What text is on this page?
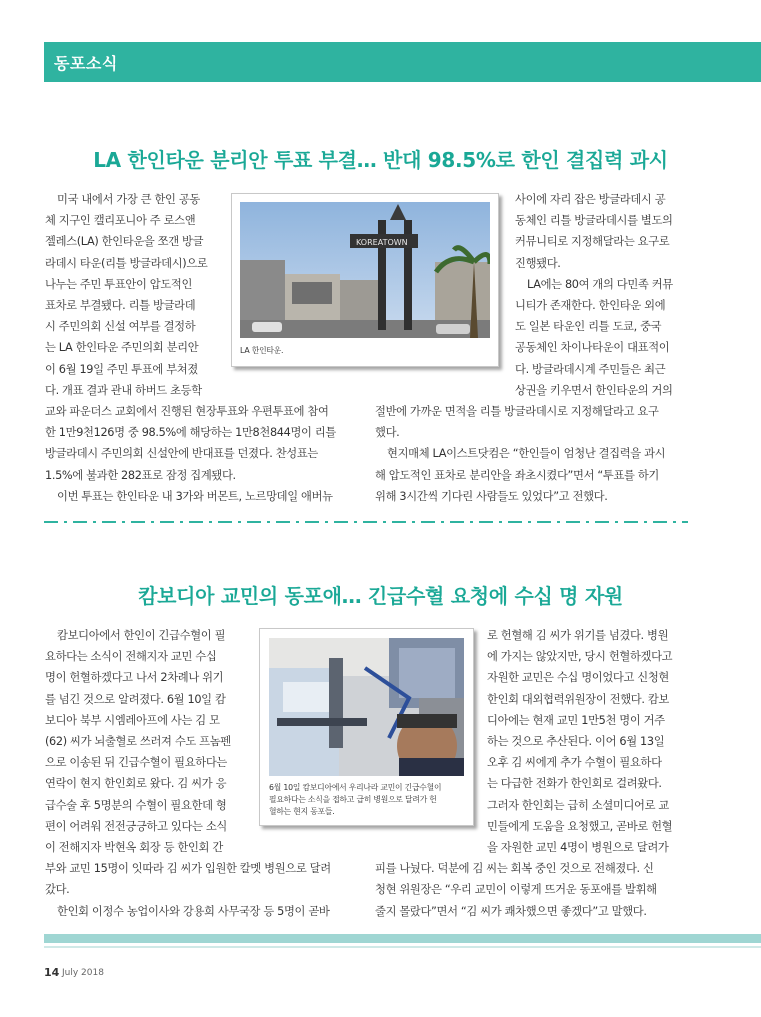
동포소식
LA 한인타운 분리안 투표 부결… 반대 98.5%로 한인 결집력 과시

미국 내에서 가장 큰 한인 공동

체 지구인 캘리포니아 주 로스앤

젤레스(LA) 한인타운을 쪼갠 방글

라데시 타운(리틀 방글라데시)으로

나누는 주민 투표안이 압도적인

표차로 부결됐다. 리틀 방글라데

시 주민의회 신설 여부를 결정하

는 LA 한인타운 주민의회 분리안

이 6월 19일 주민 투표에 부쳐졌

다. 개표 결과 관내 하버드 초등학

교와 파운더스 교회에서 진행된 현장투표와 우편투표에 참여

한 1만9천126명 중 98.5%에 해당하는 1만8천844명이 리틀

방글라데시 주민의회 신설안에 반대표를 던졌다. 찬성표는

1.5%에 불과한 282표로 잠정 집계됐다.

이번 투표는 한인타운 내 3가와 버몬트, 노르망데일 애버뉴

사이에 자리 잡은 방글라데시 공

동체인 리틀 방글라데시를 별도의

커뮤니티로 지정해달라는 요구로

진행됐다.

LA에는 80여 개의 다민족 커뮤

니티가 존재한다. 한인타운 외에

도 일본 타운인 리틀 도쿄, 중국

공동체인 차이나타운이 대표적이

다. 방글라데시계 주민들은 최근

상권을 키우면서 한인타운의 거의

절반에 가까운 면적을 리틀 방글라데시로 지정해달라고 요구

했다.

현지매체 LA이스트닷컴은 “한인들이 엄청난 결집력을 과시

해 압도적인 표차로 분리안을 좌초시켰다”면서 “투표를 하기

위해 3시간씩 기다린 사람들도 있었다”고 전했다.

KOREATOWN
LA 한인타운.
캄보디아 교민의 동포애… 긴급수혈 요청에 수십 명 자원

캄보디아에서 한인이 긴급수혈이 필

요하다는 소식이 전해지자 교민 수십

명이 헌혈하겠다고 나서 2차례나 위기

를 넘긴 것으로 알려졌다. 6월 10일 캄

보디아 북부 시엠레아프에 사는 김 모

(62) 씨가 뇌출혈로 쓰러져 수도 프놈펜

으로 이송된 뒤 긴급수혈이 필요하다는

연락이 현지 한인회로 왔다. 김 씨가 응

급수술 후 5명분의 수혈이 필요한데 형

편이 어려워 전전긍긍하고 있다는 소식

이 전해지자 박현옥 회장 등 한인회 간

부와 교민 15명이 잇따라 김 씨가 입원한 칼멧 병원으로 달려

갔다.

한인회 이정수 농업이사와 강용희 사무국장 등 5명이 곧바

로 헌혈해 김 씨가 위기를 넘겼다. 병원

에 가지는 않았지만, 당시 헌혈하겠다고

자원한 교민은 수십 명이었다고 신청현

한인회 대외협력위원장이 전했다. 캄보

디아에는 현재 교민 1만5천 명이 거주

하는 것으로 추산된다. 이어 6월 13일

오후 김 씨에게 추가 수혈이 필요하다

는 다급한 전화가 한인회로 걸려왔다.

그러자 한인회는 급히 소셜미디어로 교

민들에게 도움을 요청했고, 곧바로 헌혈

을 자원한 교민 4명이 병원으로 달려가

피를 나눴다. 덕분에 김 씨는 회복 중인 것으로 전해졌다. 신

청현 위원장은 “우리 교민이 이렇게 뜨거운 동포애를 발휘해

줄지 몰랐다”면서 “김 씨가 쾌차했으면 좋겠다”고 말했다.

6월 10일 캄보디아에서 우리나라 교민이 긴급수혈이
필요하다는 소식을 접하고 급히 병원으로 달려가 헌
혈하는 현지 동포들.
14 July 2018
